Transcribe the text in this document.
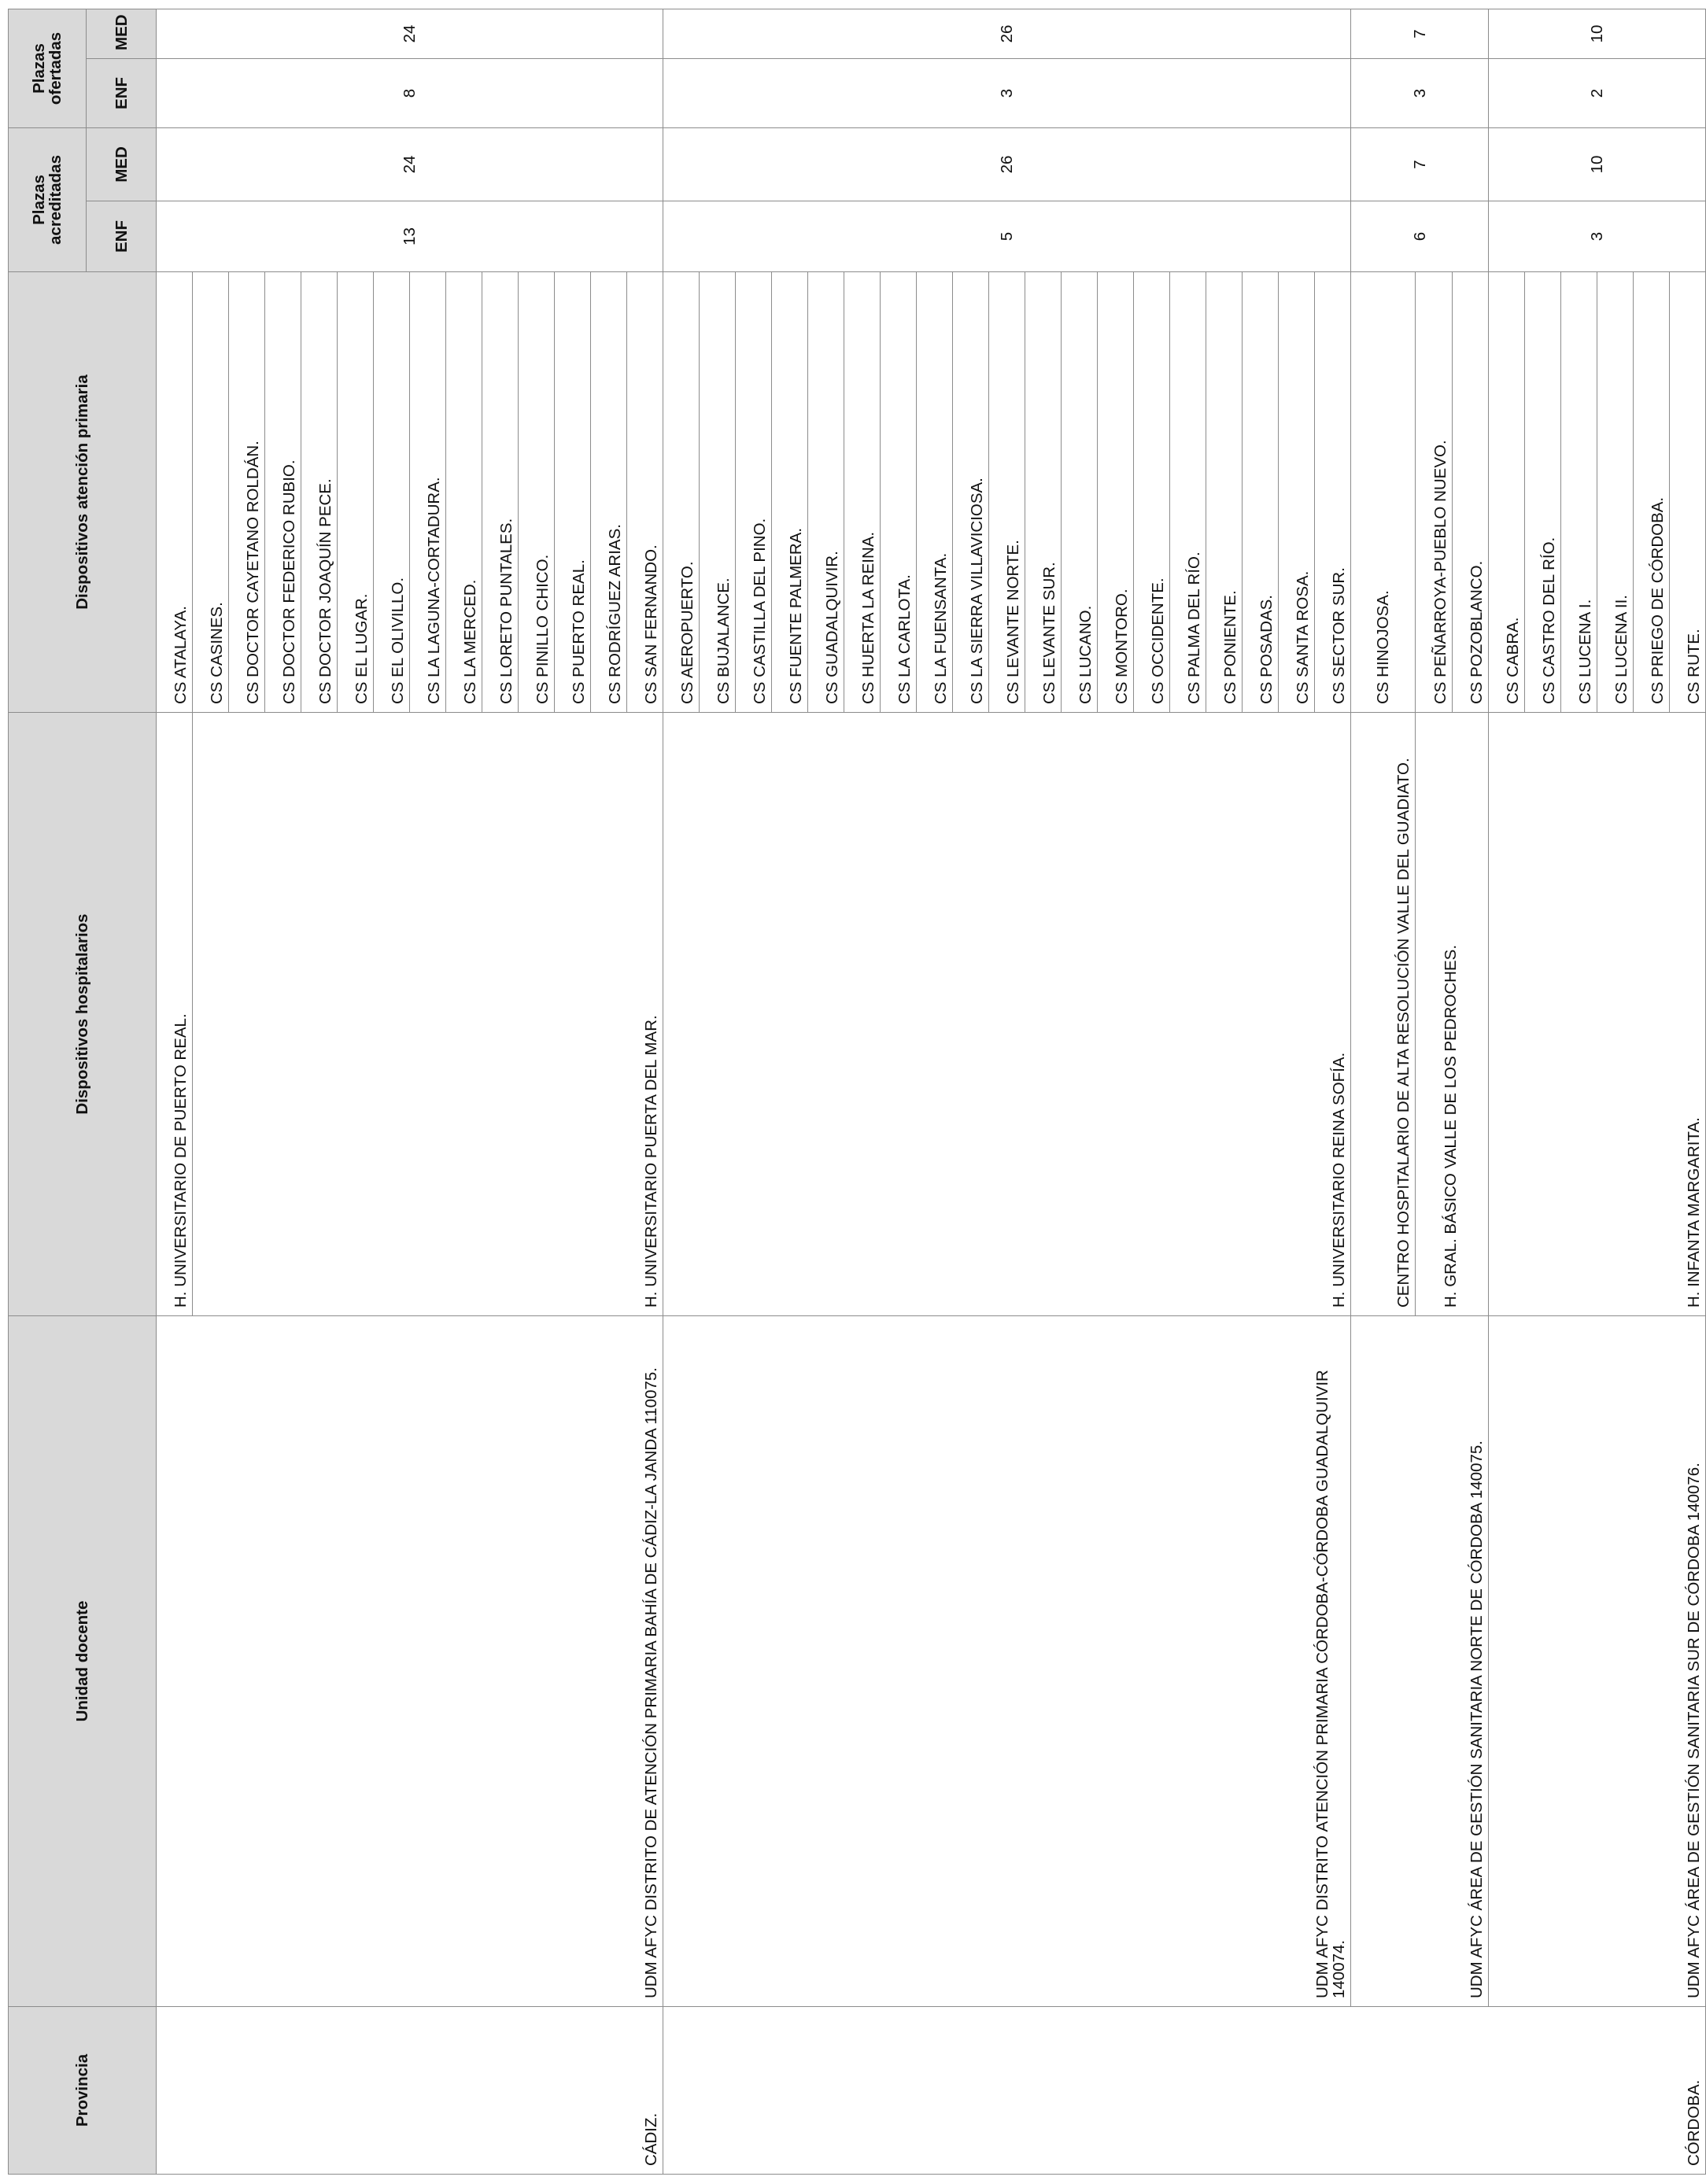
Provincia	Unidad docente	Dispositivos hospitalarios	Dispositivos atención primaria	Plazas acreditadas		Plazas ofertadas	
				ENF	MED	ENF	MED
CÁDIZ.	UDM AFYC DISTRITO DE ATENCIÓN PRIMARIA BAHÍA DE CÁDIZ-LA JANDA 110075.	H. UNIVERSITARIO DE PUERTO REAL.	CS ATALAYA.	13	24	8	24
		H. UNIVERSITARIO PUERTA DEL MAR.	CS CASINES.				
			CS DOCTOR CAYETANO ROLDÁN.				
			CS DOCTOR FEDERICO RUBIO.				
			CS DOCTOR JOAQUÍN PECE.				
			CS EL LUGAR.				
			CS EL OLIVILLO.				
			CS LA LAGUNA-CORTADURA.				
			CS LA MERCED.				
			CS LORETO PUNTALES.				
			CS PINILLO CHICO.				
			CS PUERTO REAL.				
			CS RODRÍGUEZ ARIAS.				
			CS SAN FERNANDO.				
CÓRDOBA.	UDM AFYC DISTRITO ATENCIÓN PRIMARIA CÓRDOBA-CÓRDOBA GUADALQUIVIR 140074.	H. UNIVERSITARIO REINA SOFÍA.	CS AEROPUERTO.	5	26	3	26
			CS BUJALANCE.				
			CS CASTILLA DEL PINO.				
			CS FUENTE PALMERA.				
			CS GUADALQUIVIR.				
			CS HUERTA LA REINA.				
			CS LA CARLOTA.				
			CS LA FUENSANTA.				
			CS LA SIERRA VILLAVICIOSA.				
			CS LEVANTE NORTE.				
			CS LEVANTE SUR.				
			CS LUCANO.				
			CS MONTORO.				
			CS OCCIDENTE.				
			CS PALMA DEL RÍO.				
			CS PONIENTE.				
			CS POSADAS.				
			CS SANTA ROSA.				
			CS SECTOR SUR.				
	UDM AFYC ÁREA DE GESTIÓN SANITARIA NORTE DE CÓRDOBA 140075.	CENTRO HOSPITALARIO DE ALTA RESOLUCIÓN VALLE DEL GUADIATO.	CS HINOJOSA.	6	7	3	7
		H. GRAL. BÁSICO VALLE DE LOS PEDROCHES.	CS PEÑARROYA-PUEBLO NUEVO.				
			CS POZOBLANCO.				
	UDM AFYC ÁREA DE GESTIÓN SANITARIA SUR DE CÓRDOBA 140076.	H. INFANTA MARGARITA.	CS CABRA.	3	10	2	10
			CS CASTRO DEL RÍO.				
			CS LUCENA I.				
			CS LUCENA II.				
			CS PRIEGO DE CÓRDOBA.				
			CS RUTE.				
